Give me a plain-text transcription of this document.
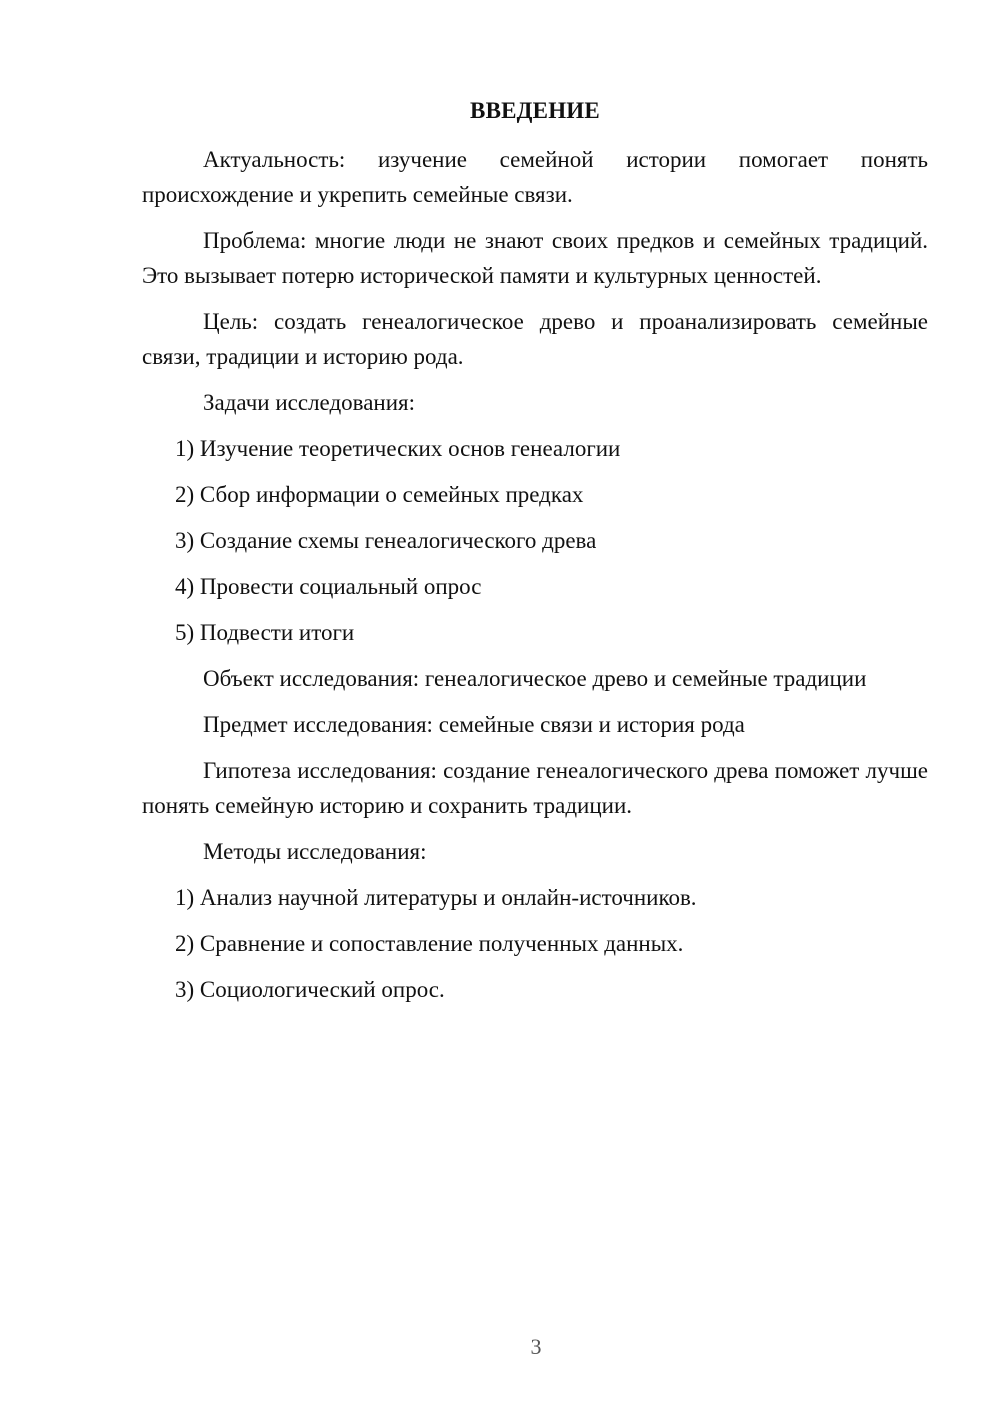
ВВЕДЕНИЕ

Актуальность: изучение семейной истории помогает понять происхождение и укрепить семейные связи.

Проблема: многие люди не знают своих предков и семейных традиций. Это вызывает потерю исторической памяти и культурных ценностей.

Цель: создать генеалогическое древо и проанализировать семейные связи, традиции и историю рода.

Задачи исследования:

1) Изучение теоретических основ генеалогии

2) Сбор информации о семейных предках

3) Создание схемы генеалогического древа

4) Провести социальный опрос

5) Подвести итоги

Объект исследования: генеалогическое древо и семейные традиции

Предмет исследования: семейные связи и история рода

Гипотеза исследования: создание генеалогического древа поможет лучше понять семейную историю и сохранить традиции.

Методы исследования:

1) Анализ научной литературы и онлайн-источников.

2) Сравнение и сопоставление полученных данных.

3) Социологический опрос.

3
